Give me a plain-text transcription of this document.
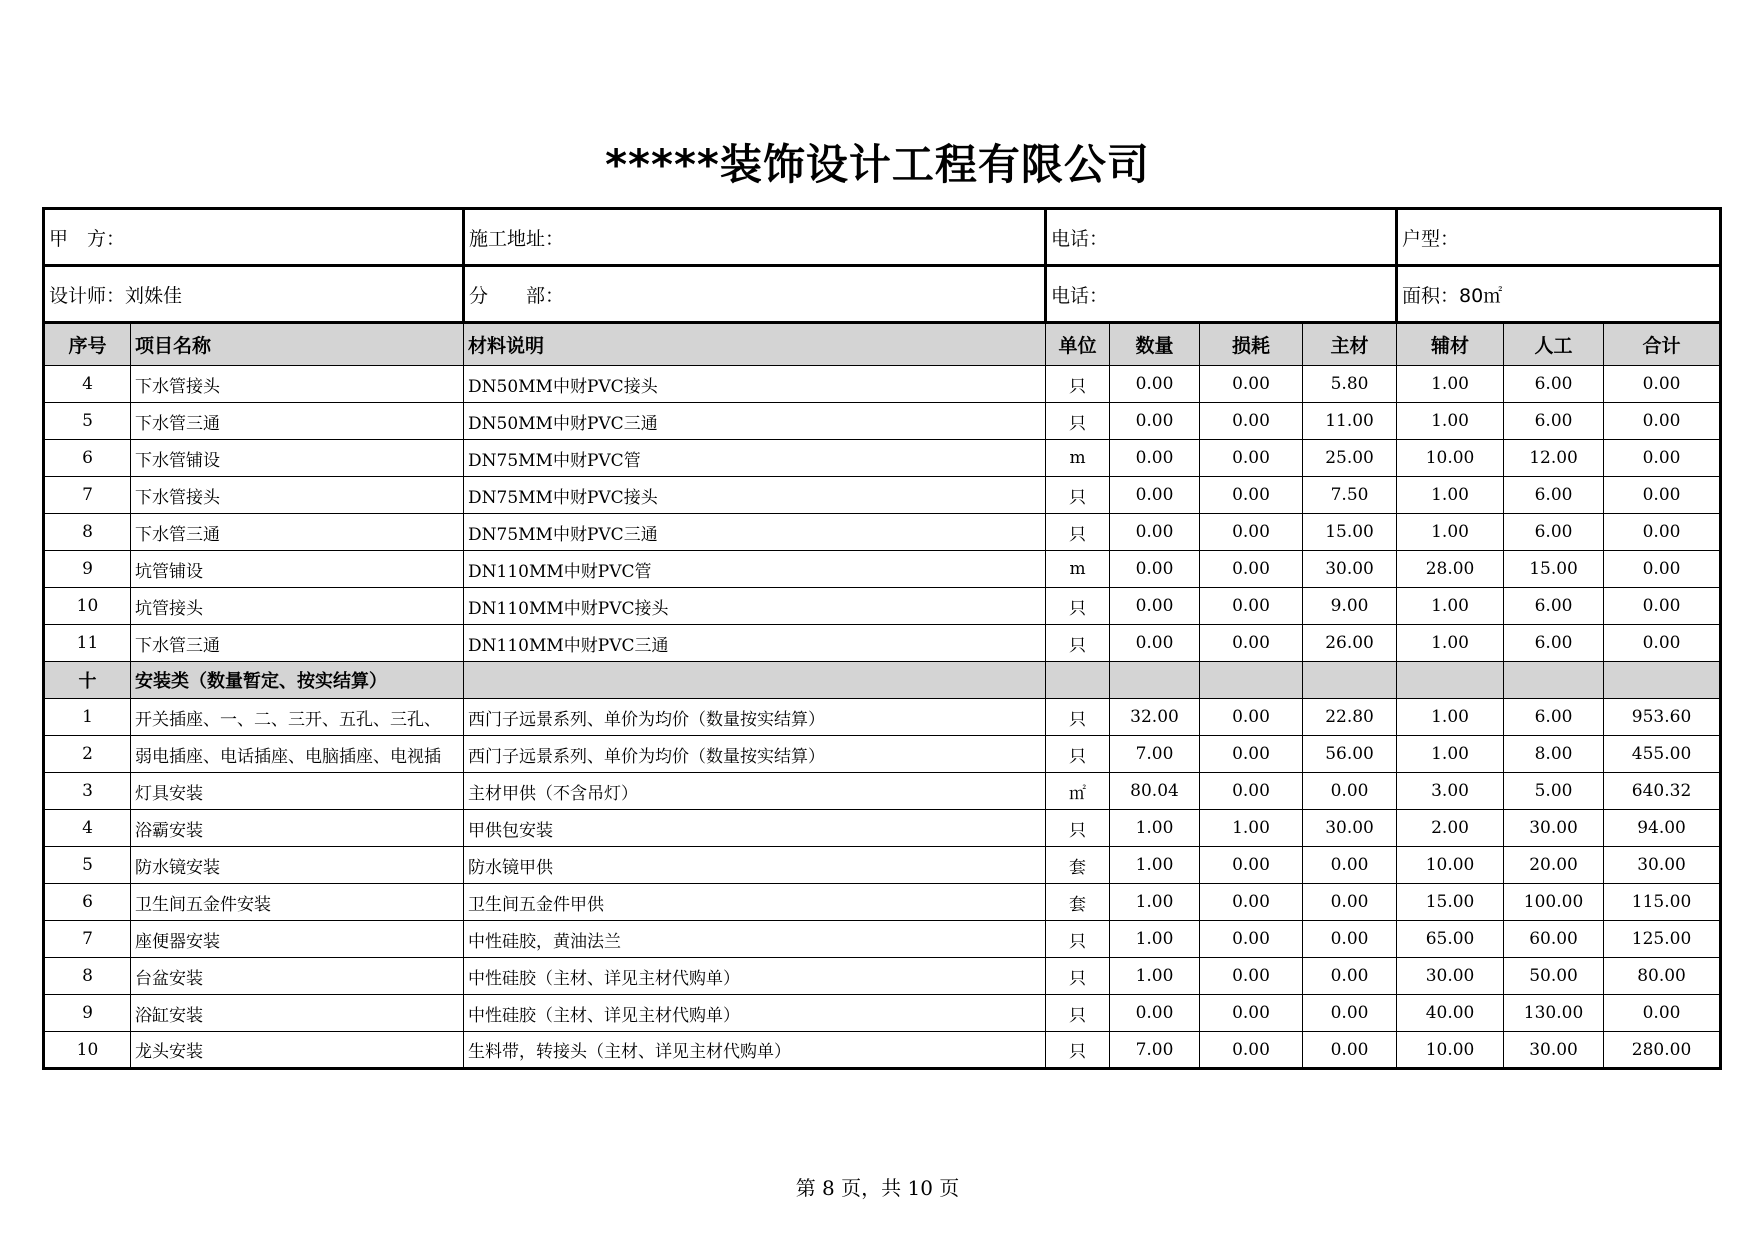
*****装饰设计工程有限公司
甲　方：		施工地址：	电话：				户型：		
设计师：刘姝佳		分　　部：	电话：				面积：80㎡		
序号	项目名称	材料说明	单位	数量	损耗	主材	辅材	人工	合计
4	下水管接头	DN50MM中财PVC接头	只	0.00	0.00	5.80	1.00	6.00	0.00
5	下水管三通	DN50MM中财PVC三通	只	0.00	0.00	11.00	1.00	6.00	0.00
6	下水管铺设	DN75MM中财PVC管	m	0.00	0.00	25.00	10.00	12.00	0.00
7	下水管接头	DN75MM中财PVC接头	只	0.00	0.00	7.50	1.00	6.00	0.00
8	下水管三通	DN75MM中财PVC三通	只	0.00	0.00	15.00	1.00	6.00	0.00
9	坑管铺设	DN110MM中财PVC管	m	0.00	0.00	30.00	28.00	15.00	0.00
10	坑管接头	DN110MM中财PVC接头	只	0.00	0.00	9.00	1.00	6.00	0.00
11	下水管三通	DN110MM中财PVC三通	只	0.00	0.00	26.00	1.00	6.00	0.00
十	安装类（数量暂定、按实结算）								
1	开关插座、一、二、三开、五孔、三孔、	西门子远景系列、单价为均价（数量按实结算）	只	32.00	0.00	22.80	1.00	6.00	953.60
2	弱电插座、电话插座、电脑插座、电视插	西门子远景系列、单价为均价（数量按实结算）	只	7.00	0.00	56.00	1.00	8.00	455.00
3	灯具安装	主材甲供（不含吊灯）	㎡	80.04	0.00	0.00	3.00	5.00	640.32
4	浴霸安装	甲供包安装	只	1.00	1.00	30.00	2.00	30.00	94.00
5	防水镜安装	防水镜甲供	套	1.00	0.00	0.00	10.00	20.00	30.00
6	卫生间五金件安装	卫生间五金件甲供	套	1.00	0.00	0.00	15.00	100.00	115.00
7	座便器安装	中性硅胶，黄油法兰	只	1.00	0.00	0.00	65.00	60.00	125.00
8	台盆安装	中性硅胶（主材、详见主材代购单）	只	1.00	0.00	0.00	30.00	50.00	80.00
9	浴缸安装	中性硅胶（主材、详见主材代购单）	只	0.00	0.00	0.00	40.00	130.00	0.00
10	龙头安装	生料带，转接头（主材、详见主材代购单）	只	7.00	0.00	0.00	10.00	30.00	280.00
第 8 页，共 10 页
